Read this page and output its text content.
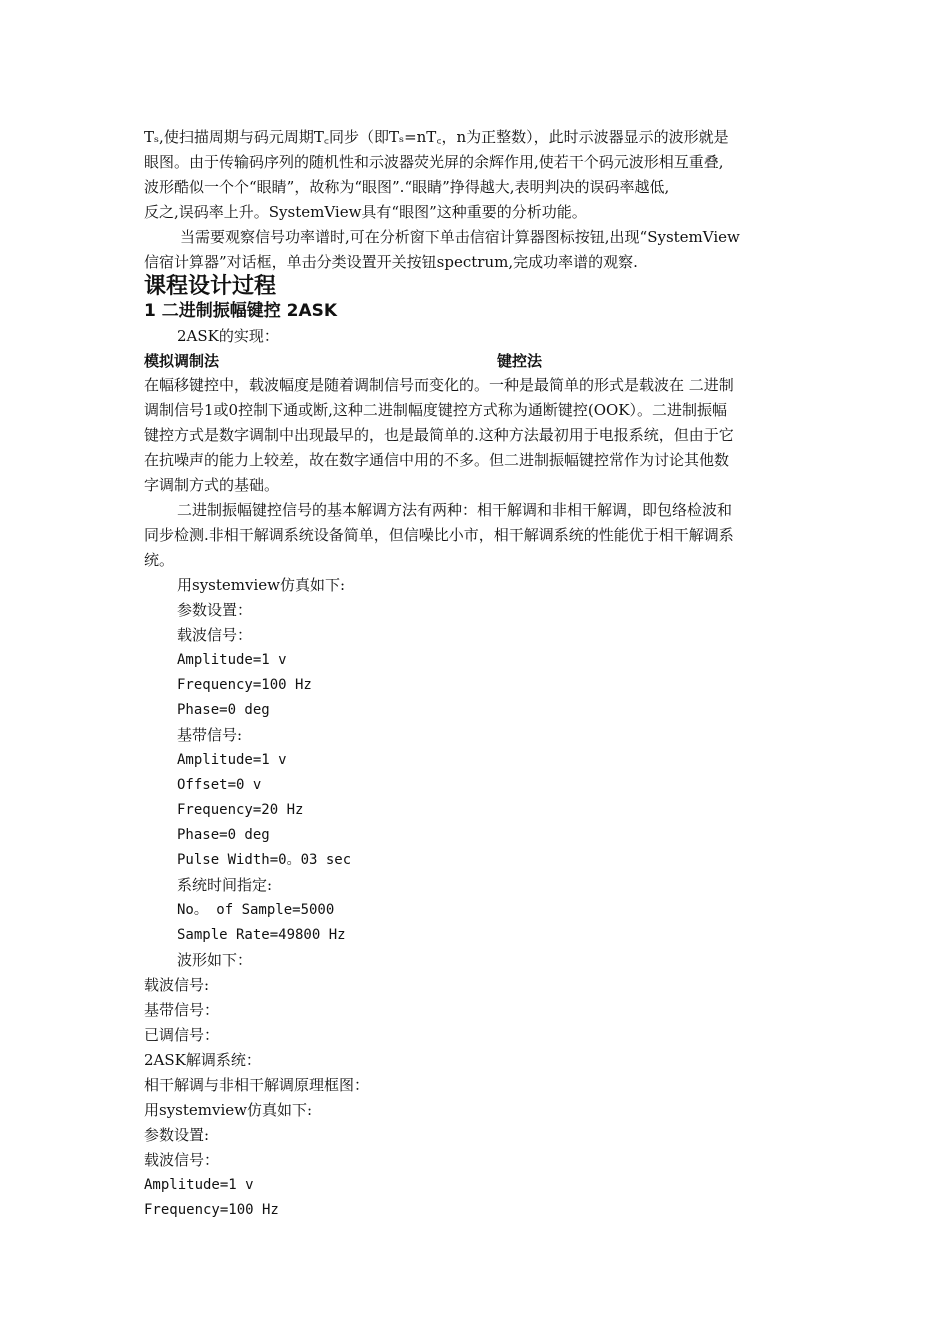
Tₛ,使扫描周期与码元周期T꜀同步（即Tₛ=nT꜀，n为正整数），此时示波器显示的波形就是
眼图。由于传输码序列的随机性和示波器荧光屏的余辉作用,使若干个码元波形相互重叠,
波形酷似一个个“眼睛”，故称为“眼图”.“眼睛”挣得越大,表明判决的误码率越低,
反之,误码率上升。SystemView具有“眼图”这种重要的分析功能。
当需要观察信号功率谱时,可在分析窗下单击信宿计算器图标按钮,出现“SystemView
信宿计算器”对话框，单击分类设置开关按钮spectrum,完成功率谱的观察.
课程设计过程
1 二进制振幅键控 2ASK
2ASK的实现：
模拟调制法	键控法
在幅移键控中，载波幅度是随着调制信号而变化的。一种是最简单的形式是载波在 二进制
调制信号1或0控制下通或断,这种二进制幅度键控方式称为通断键控(OOK）。二进制振幅
键控方式是数字调制中出现最早的，也是最简单的.这种方法最初用于电报系统，但由于它
在抗噪声的能力上较差，故在数字通信中用的不多。但二进制振幅键控常作为讨论其他数
字调制方式的基础。
二进制振幅键控信号的基本解调方法有两种：相干解调和非相干解调，即包络检波和
同步检测.非相干解调系统设备简单，但信噪比小市，相干解调系统的性能优于相干解调系
统。
用systemview仿真如下:
参数设置：
载波信号：
Amplitude=1 v
Frequency=100 Hz
Phase=0 deg
基带信号:
Amplitude=1 v
Offset=0 v
Frequency=20 Hz
Phase=0 deg
Pulse Width=0。03 sec
系统时间指定:
No。 of Sample=5000
Sample Rate=49800 Hz
波形如下：
载波信号:
基带信号：
已调信号：
2ASK解调系统：
相干解调与非相干解调原理框图：
用systemview仿真如下:
参数设置:
载波信号：
Amplitude=1 v
Frequency=100 Hz
